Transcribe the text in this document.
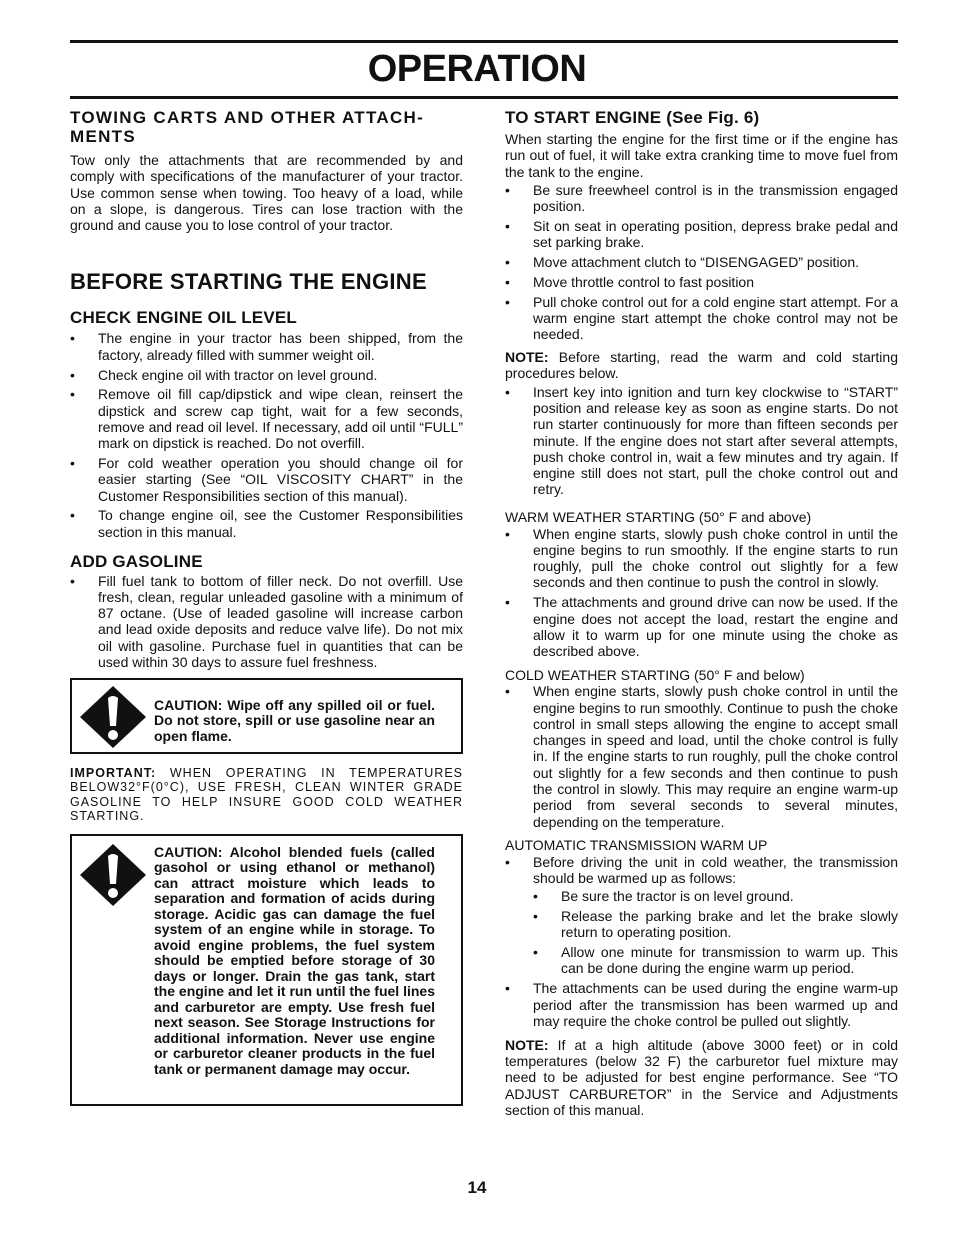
OPERATION

TOWING CARTS AND OTHER ATTACH-MENTS

Tow only the attachments that are recommended by and comply with specifications of the manufacturer of your tractor. Use common sense when towing. Too heavy of a load, while on a slope, is dangerous. Tires can lose traction with the ground and cause you to lose control of your tractor.

BEFORE STARTING THE ENGINE

CHECK ENGINE OIL LEVEL

• The engine in your tractor has been shipped, from the factory, already filled with summer weight oil.
• Check engine oil with tractor on level ground.
• Remove oil fill cap/dipstick and wipe clean, reinsert the dipstick and screw cap tight, wait for a few seconds, remove and read oil level. If necessary, add oil until “FULL” mark on dipstick is reached. Do not overfill.
• For cold weather operation you should change oil for easier starting (See “OIL VISCOSITY CHART” in the Customer Responsibilities section of this manual).
• To change engine oil, see the Customer Responsibilities section in this manual.

ADD GASOLINE

• Fill fuel tank to bottom of filler neck. Do not overfill. Use fresh, clean, regular unleaded gasoline with a minimum of 87 octane. (Use of leaded gasoline will increase carbon and lead oxide deposits and reduce valve life). Do not mix oil with gasoline. Purchase fuel in quantities that can be used within 30 days to assure fuel freshness.
CAUTION: Wipe off any spilled oil or fuel. Do not store, spill or use gasoline near an open flame.

IMPORTANT: WHEN OPERATING IN TEMPERATURES BELOW32°F(0°C), USE FRESH, CLEAN WINTER GRADE GASOLINE TO HELP INSURE GOOD COLD WEATHER STARTING.

CAUTION: Alcohol blended fuels (called gasohol or using ethanol or methanol) can attract moisture which leads to separation and formation of acids during storage. Acidic gas can damage the fuel system of an engine while in storage. To avoid engine problems, the fuel system should be emptied before storage of 30 days or longer. Drain the gas tank, start the engine and let it run until the fuel lines and carburetor are empty. Use fresh fuel next season. See Storage Instructions for additional information. Never use engine or carburetor cleaner products in the fuel tank or permanent damage may occur.

TO START ENGINE (See Fig. 6)

When starting the engine for the first time or if the engine has run out of fuel, it will take extra cranking time to move fuel from the tank to the engine.

• Be sure freewheel control is in the transmission engaged position.
• Sit on seat in operating position, depress brake pedal and set parking brake.
• Move attachment clutch to “DISENGAGED” position.
• Move throttle control to fast position
• Pull choke control out for a cold engine start attempt. For a warm engine start attempt the choke control may not be needed.

NOTE: Before starting, read the warm and cold starting procedures below.

• Insert key into ignition and turn key clockwise to “START” position and release key as soon as engine starts. Do not run starter continuously for more than fifteen seconds per minute. If the engine does not start after several attempts, push choke control in, wait a few minutes and try again. If engine still does not start, pull the choke control out and retry.

WARM WEATHER STARTING (50° F and above)

• When engine starts, slowly push choke control in until the engine begins to run smoothly. If the engine starts to run roughly, pull the choke control out slightly for a few seconds and then continue to push the control in slowly.
• The attachments and ground drive can now be used. If the engine does not accept the load, restart the engine and allow it to warm up for one minute using the choke as described above.

COLD WEATHER STARTING (50° F and below)

• When engine starts, slowly push choke control in until the engine begins to run smoothly. Continue to push the choke control in small steps allowing the engine to accept small changes in speed and load, until the choke control is fully in. If the engine starts to run roughly, pull the choke control out slightly for a few seconds and then continue to push the control in slowly. This may require an engine warm-up period from several seconds to several minutes, depending on the temperature.

AUTOMATIC TRANSMISSION WARM UP

• Before driving the unit in cold weather, the transmission should be warmed up as follows:
• Be sure the tractor is on level ground.
• Release the parking brake and let the brake slowly return to operating position.
• Allow one minute for transmission to warm up. This can be done during the engine warm up period.
• The attachments can be used during the engine warm-up period after the transmission has been warmed up and may require the choke control be pulled out slightly.

NOTE: If at a high altitude (above 3000 feet) or in cold temperatures (below 32 F) the carburetor fuel mixture may need to be adjusted for best engine performance. See “TO ADJUST CARBURETOR” in the Service and Adjustments section of this manual.

14
